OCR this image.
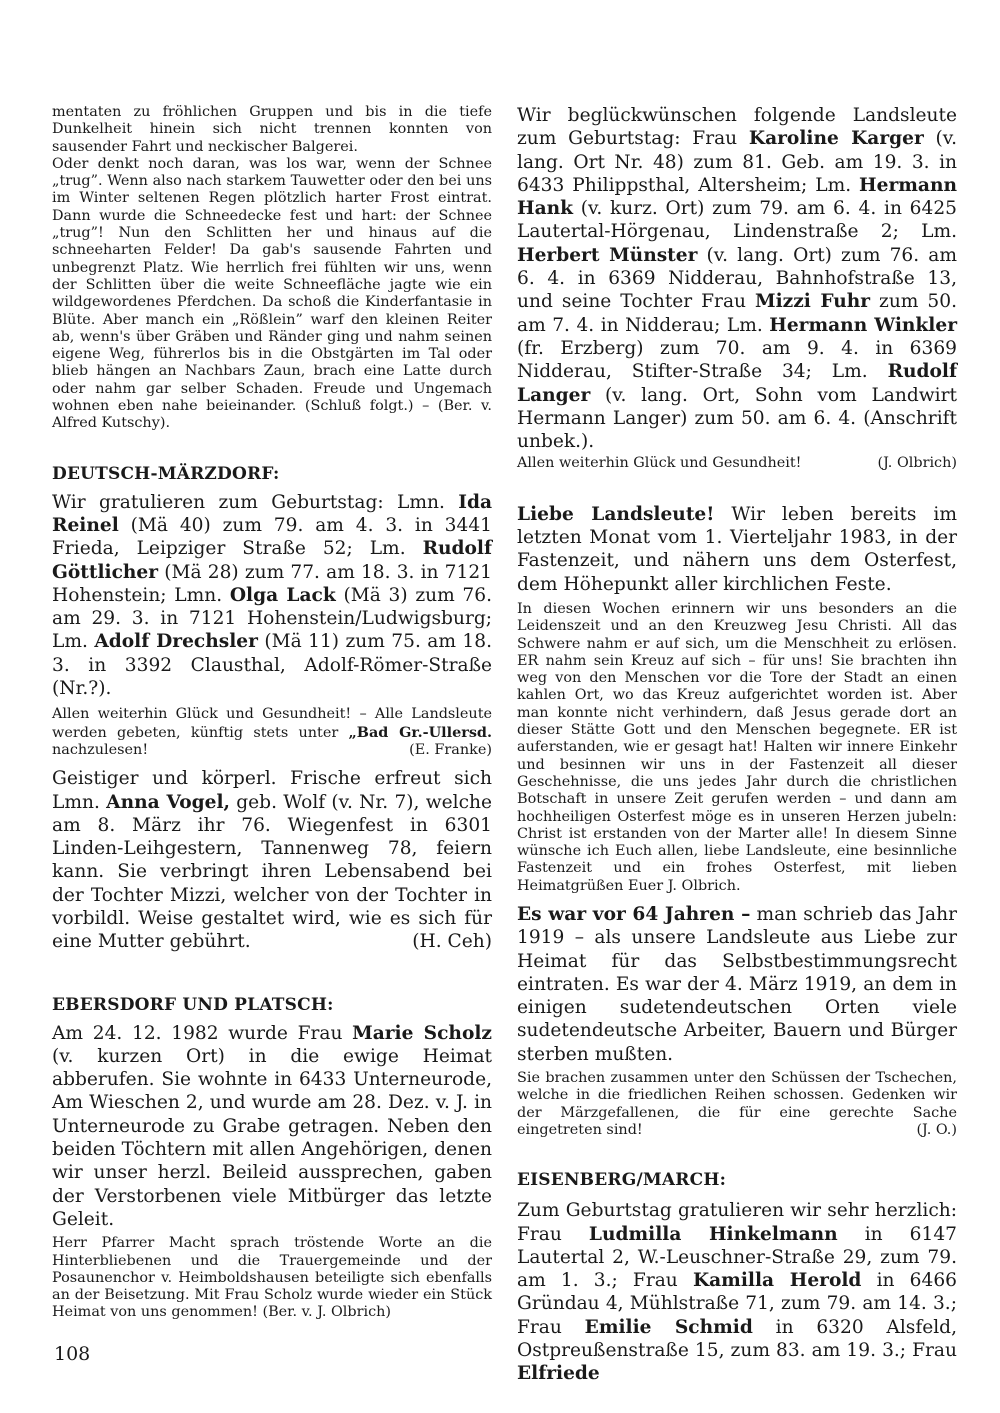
mentaten zu fröhlichen Gruppen und bis in die tiefe Dunkelheit hinein sich nicht trennen konnten von sausender Fahrt und neckischer Balgerei.

Oder denkt noch daran, was los war, wenn der Schnee „trug”. Wenn also nach starkem Tauwetter oder den bei uns im Winter seltenen Regen plötzlich harter Frost eintrat. Dann wurde die Schneedecke fest und hart: der Schnee „trug”! Nun den Schlitten her und hinaus auf die schneeharten Felder! Da gab's sausende Fahrten und unbegrenzt Platz. Wie herrlich frei fühlten wir uns, wenn der Schlitten über die weite Schneefläche jagte wie ein wildgewordenes Pferdchen. Da schoß die Kinderfantasie in Blüte. Aber manch ein „Rößlein” warf den kleinen Reiter ab, wenn's über Gräben und Ränder ging und nahm seinen eigene Weg, führerlos bis in die Obstgärten im Tal oder blieb hängen an Nachbars Zaun, brach eine Latte durch oder nahm gar selber Schaden. Freude und Ungemach wohnen eben nahe beieinander. (Schluß folgt.) – (Ber. v. Alfred Kutschy).

DEUTSCH-MÄRZDORF:

Wir gratulieren zum Geburtstag: Lmn. Ida Reinel (Mä 40) zum 79. am 4. 3. in 3441 Frieda, Leipziger Straße 52; Lm. Rudolf Göttlicher (Mä 28) zum 77. am 18. 3. in 7121 Hohenstein; Lmn. Olga Lack (Mä 3) zum 76. am 29. 3. in 7121 Hohenstein/Ludwigsburg; Lm. Adolf Drechsler (Mä 11) zum 75. am 18. 3. in 3392 Clausthal, Adolf-Römer-Straße (Nr.?).

Allen weiterhin Glück und Gesundheit! – Alle Landsleute werden gebeten, künftig stets unter „Bad Gr.-Ullersd. nachzulesen!	(E. Franke)

Geistiger und körperl. Frische erfreut sich Lmn. Anna Vogel, geb. Wolf (v. Nr. 7), welche am 8. März ihr 76. Wiegenfest in 6301 Linden-Leihgestern, Tannenweg 78, feiern kann. Sie verbringt ihren Lebensabend bei der Tochter Mizzi, welcher von der Tochter in vorbildl. Weise gestaltet wird, wie es sich für eine Mutter gebührt.	(H. Ceh)

EBERSDORF UND PLATSCH:

Am 24. 12. 1982 wurde Frau Marie Scholz (v. kurzen Ort) in die ewige Heimat abberufen. Sie wohnte in 6433 Unterneurode, Am Wieschen 2, und wurde am 28. Dez. v. J. in Unterneurode zu Grabe getragen. Neben den beiden Töchtern mit allen Angehörigen, denen wir unser herzl. Beileid aussprechen, gaben der Verstorbenen viele Mitbürger das letzte Geleit.

Herr Pfarrer Macht sprach tröstende Worte an die Hinterbliebenen und die Trauergemeinde und der Posaunenchor v. Heimboldshausen beteiligte sich ebenfalls an der Beisetzung. Mit Frau Scholz wurde wieder ein Stück Heimat von uns genommen! (Ber. v. J. Olbrich)

108

Wir beglückwünschen folgende Landsleute zum Geburtstag: Frau Karoline Karger (v. lang. Ort Nr. 48) zum 81. Geb. am 19. 3. in 6433 Philippsthal, Altersheim; Lm. Hermann Hank (v. kurz. Ort) zum 79. am 6. 4. in 6425 Lautertal-Hörgenau, Lindenstraße 2; Lm. Herbert Münster (v. lang. Ort) zum 76. am 6. 4. in 6369 Nidderau, Bahnhofstraße 13, und seine Tochter Frau Mizzi Fuhr zum 50. am 7. 4. in Nidderau; Lm. Hermann Winkler (fr. Erzberg) zum 70. am 9. 4. in 6369 Nidderau, Stifter-Straße 34; Lm. Rudolf Langer (v. lang. Ort, Sohn vom Landwirt Hermann Langer) zum 50. am 6. 4. (Anschrift unbek.).

Allen weiterhin Glück und Gesundheit!	(J. Olbrich)

Liebe Landsleute! Wir leben bereits im letzten Monat vom 1. Vierteljahr 1983, in der Fastenzeit, und nähern uns dem Osterfest, dem Höhepunkt aller kirchlichen Feste.

In diesen Wochen erinnern wir uns besonders an die Leidenszeit und an den Kreuzweg Jesu Christi. All das Schwere nahm er auf sich, um die Menschheit zu erlösen. ER nahm sein Kreuz auf sich – für uns! Sie brachten ihn weg von den Menschen vor die Tore der Stadt an einen kahlen Ort, wo das Kreuz aufgerichtet worden ist. Aber man konnte nicht verhindern, daß Jesus gerade dort an dieser Stätte Gott und den Menschen begegnete. ER ist auferstanden, wie er gesagt hat! Halten wir innere Einkehr und besinnen wir uns in der Fastenzeit all dieser Geschehnisse, die uns jedes Jahr durch die christlichen Botschaft in unsere Zeit gerufen werden – und dann am hochheiligen Osterfest möge es in unseren Herzen jubeln: Christ ist erstanden von der Marter alle! In diesem Sinne wünsche ich Euch allen, liebe Landsleute, eine besinnliche Fastenzeit und ein frohes Osterfest, mit lieben Heimatgrüßen Euer J. Olbrich.

Es war vor 64 Jahren – man schrieb das Jahr 1919 – als unsere Landsleute aus Liebe zur Heimat für das Selbstbestimmungsrecht eintraten. Es war der 4. März 1919, an dem in einigen sudetendeutschen Orten viele sudetendeutsche Arbeiter, Bauern und Bürger sterben mußten.

Sie brachen zusammen unter den Schüssen der Tschechen, welche in die friedlichen Reihen schossen. Gedenken wir der Märzgefallenen, die für eine gerechte Sache eingetreten sind!	(J. O.)

EISENBERG/MARCH:

Zum Geburtstag gratulieren wir sehr herzlich: Frau Ludmilla Hinkelmann in 6147 Lautertal 2, W.-Leuschner-Straße 29, zum 79. am 1. 3.; Frau Kamilla Herold in 6466 Gründau 4, Mühlstraße 71, zum 79. am 14. 3.; Frau Emilie Schmid in 6320 Alsfeld, Ostpreußenstraße 15, zum 83. am 19. 3.; Frau Elfriede
